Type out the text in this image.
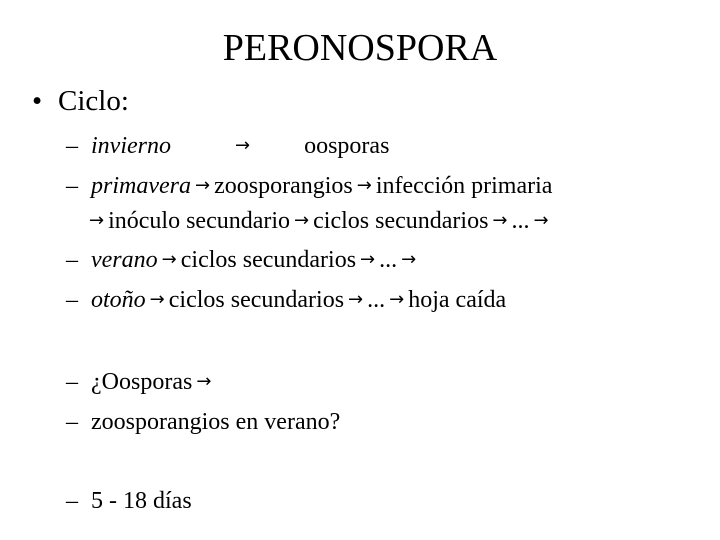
PERONOSPORA
• Ciclo:
– invierno	→ oosporas
– primavera → zoosporangios → infección primaria
→ inóculo secundario → ciclos secundarios → ... →
– verano → ciclos secundarios → ... →
– otoño → ciclos secundarios → ... → hoja caída
– ¿Oosporas →
– zoosporangios en verano?
– 5 - 18 días
